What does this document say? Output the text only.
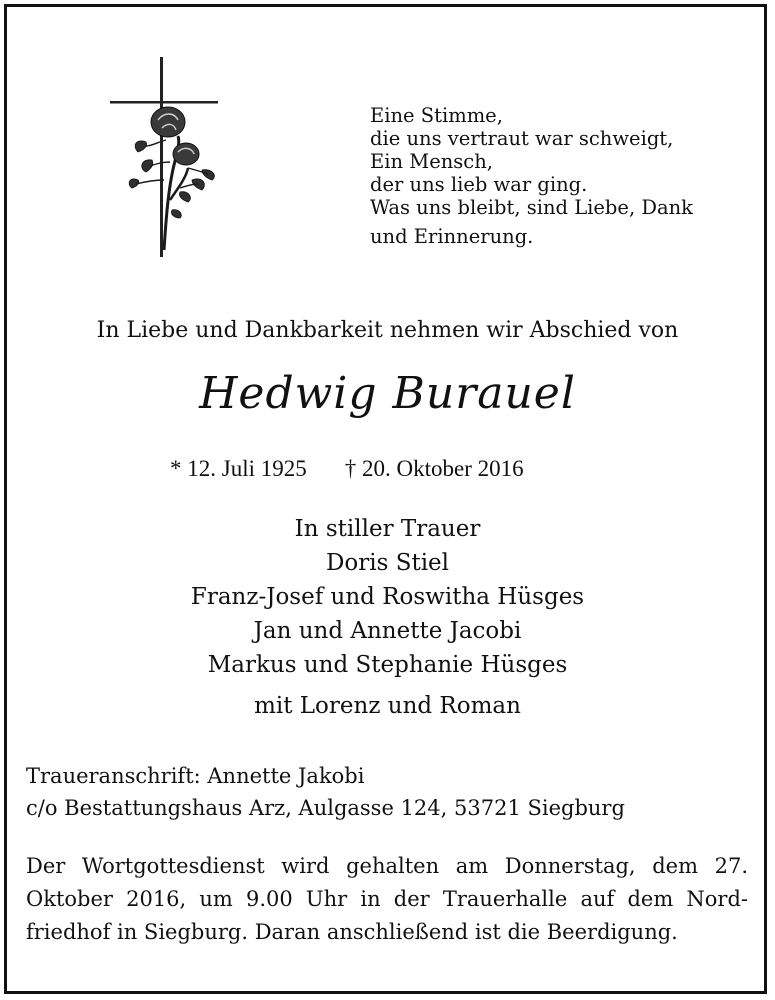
Eine Stimme,
die uns vertraut war schweigt,
Ein Mensch,
der uns lieb war ging.
Was uns bleibt, sind Liebe, Dank
und Erinnerung.
In Liebe und Dankbarkeit nehmen wir Abschied von
Hedwig Burauel
* 12. Juli 1925 † 20. Oktober 2016
In stiller Trauer
Doris Stiel
Franz-Josef und Roswitha Hüsges
Jan und Annette Jacobi
Markus und Stephanie Hüsges
mit Lorenz und Roman
Traueranschrift: Annette Jakobi
c/o Bestattungshaus Arz, Aulgasse 124, 53721 Siegburg
Der Wortgottesdienst wird gehalten am Donnerstag, dem 27. Oktober 2016, um 9.00 Uhr in der Trauerhalle auf dem Nord-friedhof in Siegburg. Daran anschließend ist die Beerdigung.
